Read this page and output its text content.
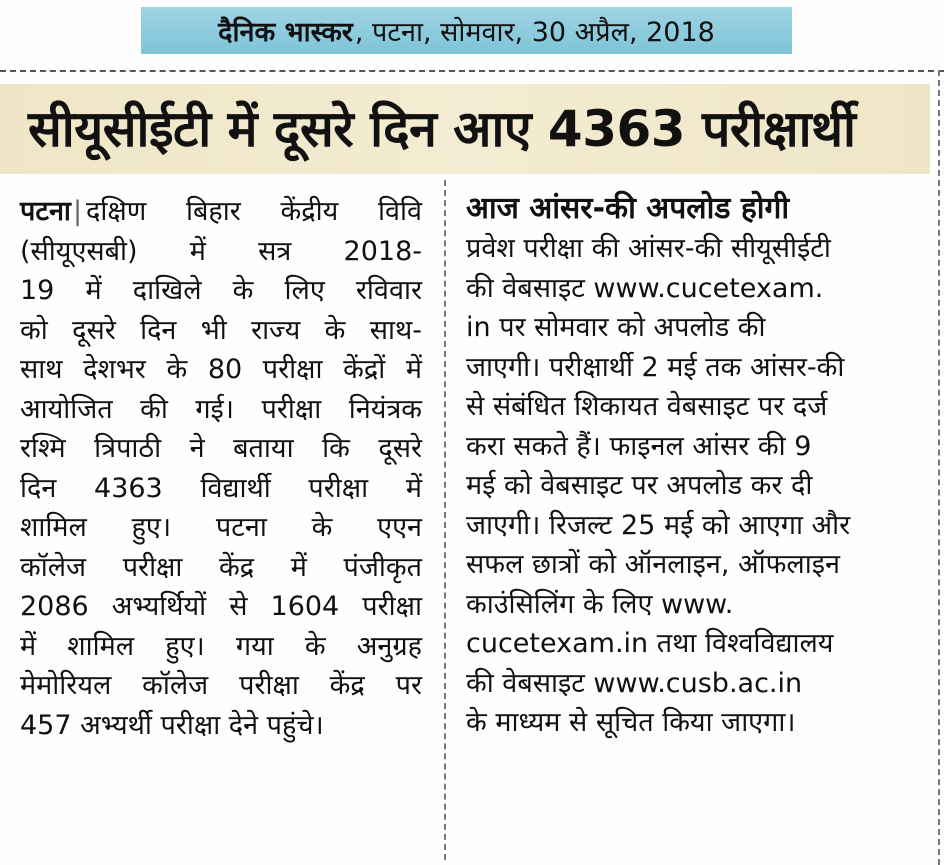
दैनिक भास्कर , पटना, सोमवार, 30 अप्रैल, 2018
सीयूसीईटी में दूसरे दिन आए 4363 परीक्षार्थी
पटना| दक्षिण बिहार केंद्रीय विवि
(सीयूएसबी) में सत्र 2018-
19 में दाखिले के लिए रविवार
को दूसरे दिन भी राज्य के साथ-
साथ देशभर के 80 परीक्षा केंद्रों में
आयोजित की गई। परीक्षा नियंत्रक
रश्मि त्रिपाठी ने बताया कि दूसरे
दिन 4363 विद्यार्थी परीक्षा में
शामिल हुए। पटना के एएन
कॉलेज परीक्षा केंद्र में पंजीकृत
2086 अभ्यर्थियों से 1604 परीक्षा
में शामिल हुए। गया के अनुग्रह
मेमोरियल कॉलेज परीक्षा केंद्र पर
457 अभ्यर्थी परीक्षा देने पहुंचे।
आज आंसर-की अपलोड होगी
प्रवेश परीक्षा की आंसर-की सीयूसीईटी
की वेबसाइट www.cucetexam.
in पर सोमवार को अपलोड की
जाएगी। परीक्षार्थी 2 मई तक आंसर-की
से संबंधित शिकायत वेबसाइट पर दर्ज
करा सकते हैं। फाइनल आंसर की 9
मई को वेबसाइट पर अपलोड कर दी
जाएगी। रिजल्ट 25 मई को आएगा और
सफल छात्रों को ऑनलाइन, ऑफलाइन
काउंसिलिंग के लिए www.
cucetexam.in तथा विश्वविद्यालय
की वेबसाइट www.cusb.ac.in
के माध्यम से सूचित किया जाएगा।
